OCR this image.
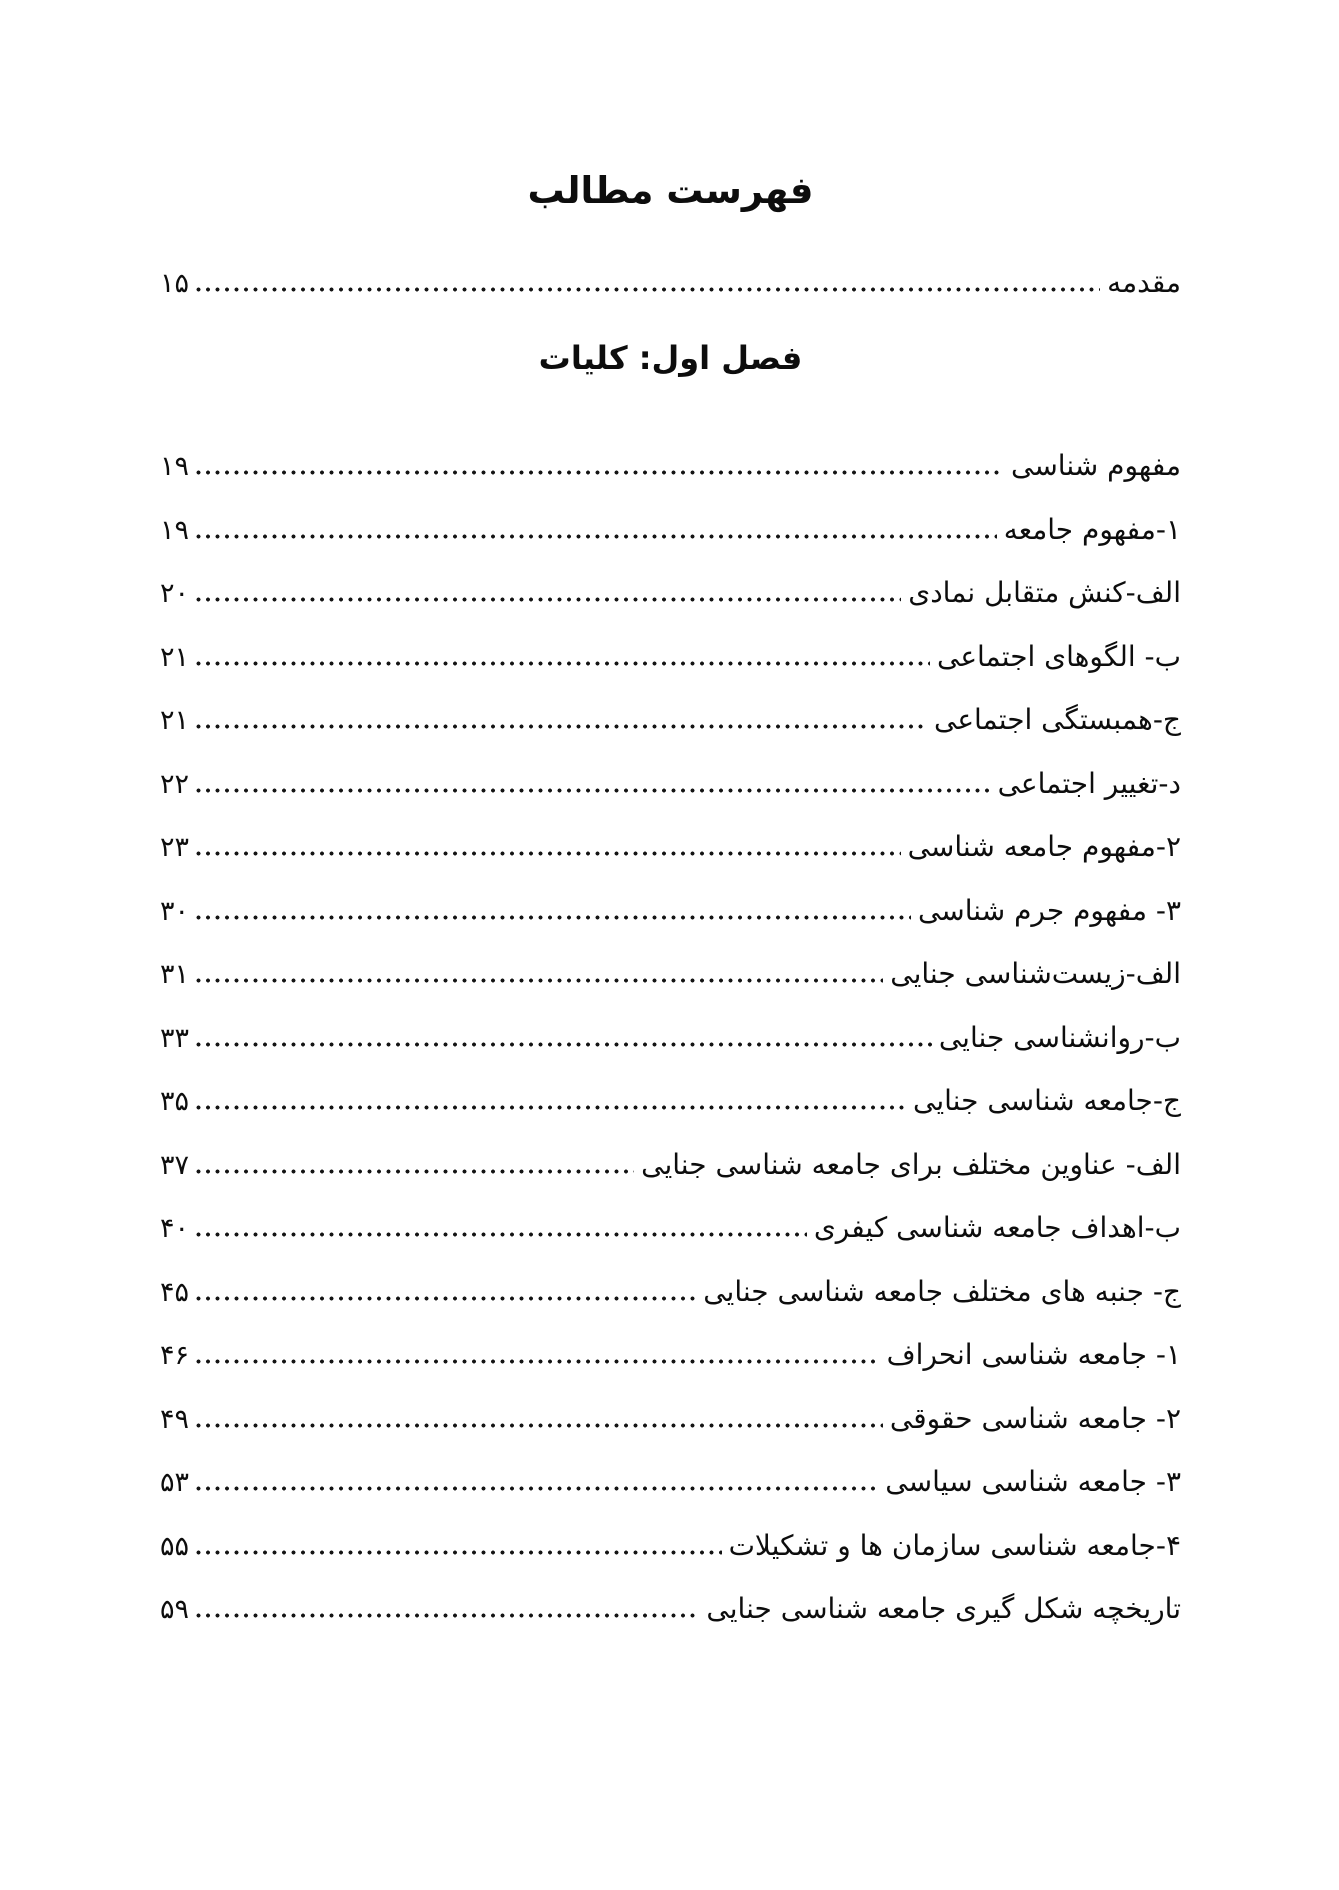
فهرست مطالب
مقدمه
۱۵
فصل اول: کلیات
مفهوم شناسی
۱۹
۱-مفهوم جامعه
۱۹
الف-کنش متقابل نمادی
۲۰
ب- الگوهای اجتماعی
۲۱
ج-همبستگی اجتماعی
۲۱
د-تغییر اجتماعی
۲۲
۲-مفهوم جامعه شناسی
۲۳
۳- مفهوم جرم شناسی
۳۰
الف-زیست‌شناسی جنایی
۳۱
ب-روانشناسی جنایی
۳۳
ج-جامعه شناسی جنایی
۳۵
الف- عناوین مختلف برای جامعه شناسی جنایی
۳۷
ب-اهداف جامعه شناسی کیفری
۴۰
ج- جنبه های مختلف جامعه شناسی جنایی
۴۵
۱- جامعه شناسی انحراف
۴۶
۲- جامعه شناسی حقوقی
۴۹
۳- جامعه شناسی سیاسی
۵۳
۴-جامعه شناسی سازمان ها و تشکیلات
۵۵
تاریخچه شکل گیری جامعه شناسی جنایی
۵۹
